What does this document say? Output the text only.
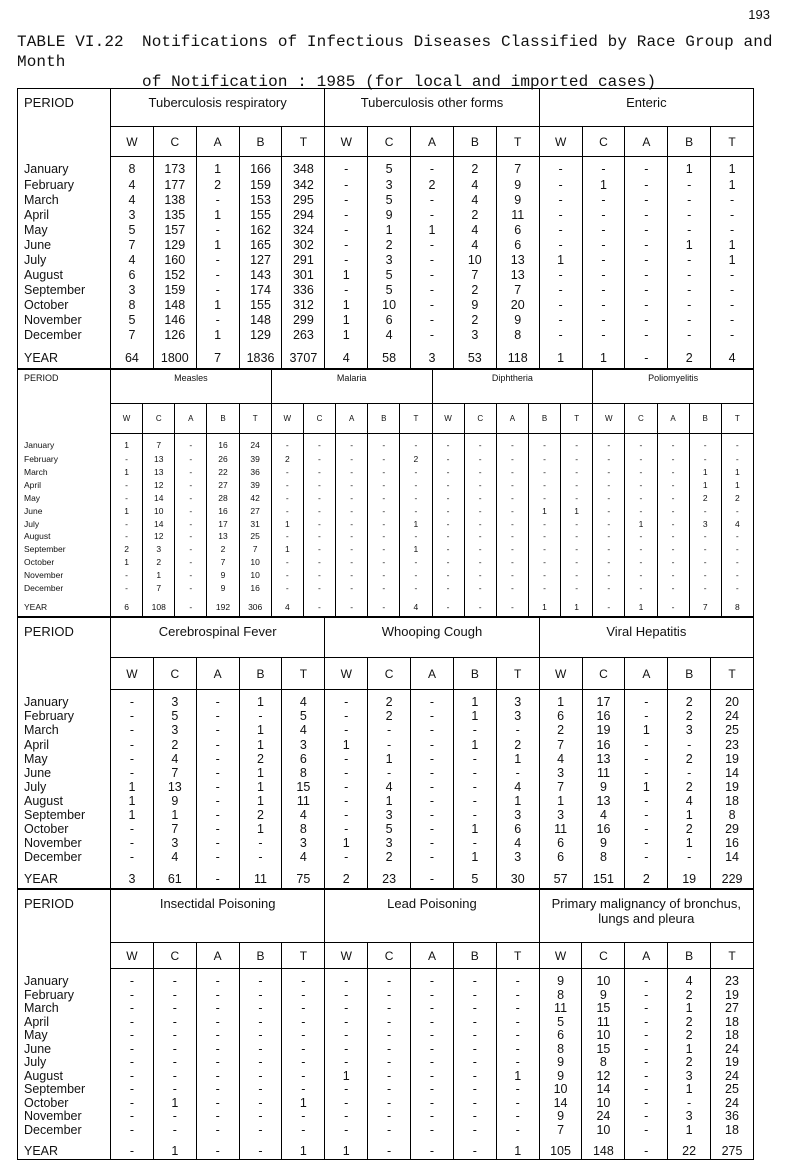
193
TABLE VI.22 Notifications of Infectious Diseases Classified by Race Group and Month
of Notification : 1985 (for local and imported cases)
PERIOD	Tuberculosis respiratory					Tuberculosis other forms					Enteric				
	W	C	A	B	T	W	C	A	B	T	W	C	A	B	T
January	8	173	1	166	348	-	5	-	2	7	-	-	-	1	1
February	4	177	2	159	342	-	3	2	4	9	-	1	-	-	1
March	4	138	-	153	295	-	5	-	4	9	-	-	-	-	-
April	3	135	1	155	294	-	9	-	2	11	-	-	-	-	-
May	5	157	-	162	324	-	1	1	4	6	-	-	-	-	-
June	7	129	1	165	302	-	2	-	4	6	-	-	-	1	1
July	4	160	-	127	291	-	3	-	10	13	1	-	-	-	1
August	6	152	-	143	301	1	5	-	7	13	-	-	-	-	-
September	3	159	-	174	336	-	5	-	2	7	-	-	-	-	-
October	8	148	1	155	312	1	10	-	9	20	-	-	-	-	-
November	5	146	-	148	299	1	6	-	2	9	-	-	-	-	-
December	7	126	1	129	263	1	4	-	3	8	-	-	-	-	-
YEAR	64	1800	7	1836	3707	4	58	3	53	118	1	1	-	2	4
PERIOD	Measles					Malaria					Diphtheria					Poliomyelitis				
	W	C	A	B	T	W	C	A	B	T	W	C	A	B	T	W	C	A	B	T
January	1	7	-	16	24	-	-	-	-	-	-	-	-	-	-	-	-	-	-	-
February	-	13	-	26	39	2	-	-	-	2	-	-	-	-	-	-	-	-	-	-
March	1	13	-	22	36	-	-	-	-	-	-	-	-	-	-	-	-	-	1	1
April	-	12	-	27	39	-	-	-	-	-	-	-	-	-	-	-	-	-	1	1
May	-	14	-	28	42	-	-	-	-	-	-	-	-	-	-	-	-	-	2	2
June	1	10	-	16	27	-	-	-	-	-	-	-	-	1	1	-	-	-	-	-
July	-	14	-	17	31	1	-	-	-	1	-	-	-	-	-	-	1	-	3	4
August	-	12	-	13	25	-	-	-	-	-	-	-	-	-	-	-	-	-	-	-
September	2	3	-	2	7	1	-	-	-	1	-	-	-	-	-	-	-	-	-	-
October	1	2	-	7	10	-	-	-	-	-	-	-	-	-	-	-	-	-	-	-
November	-	1	-	9	10	-	-	-	-	-	-	-	-	-	-	-	-	-	-	-
December	-	7	-	9	16	-	-	-	-	-	-	-	-	-	-	-	-	-	-	-
YEAR	6	108	-	192	306	4	-	-	-	4	-	-	-	1	1	-	1	-	7	8
PERIOD	Cerebrospinal Fever					Whooping Cough					Viral Hepatitis				
	W	C	A	B	T	W	C	A	B	T	W	C	A	B	T
January	-	3	-	1	4	-	2	-	1	3	1	17	-	2	20
February	-	5	-	-	5	-	2	-	1	3	6	16	-	2	24
March	-	3	-	1	4	-	-	-	-	-	2	19	1	3	25
April	-	2	-	1	3	1	-	-	1	2	7	16	-	-	23
May	-	4	-	2	6	-	1	-	-	1	4	13	-	2	19
June	-	7	-	1	8	-	-	-	-	-	3	11	-	-	14
July	1	13	-	1	15	-	4	-	-	4	7	9	1	2	19
August	1	9	-	1	11	-	1	-	-	1	1	13	-	4	18
September	1	1	-	2	4	-	3	-	-	3	3	4	-	1	8
October	-	7	-	1	8	-	5	-	1	6	11	16	-	2	29
November	-	3	-	-	3	1	3	-	-	4	6	9	-	1	16
December	-	4	-	-	4	-	2	-	1	3	6	8	-	-	14
YEAR	3	61	-	11	75	2	23	-	5	30	57	151	2	19	229
PERIOD	Insectidal Poisoning					Lead Poisoning					Primary malignancy of bronchus, lungs and pleura				
	W	C	A	B	T	W	C	A	B	T	W	C	A	B	T
January	-	-	-	-	-	-	-	-	-	-	9	10	-	4	23
February	-	-	-	-	-	-	-	-	-	-	8	9	-	2	19
March	-	-	-	-	-	-	-	-	-	-	11	15	-	1	27
April	-	-	-	-	-	-	-	-	-	-	5	11	-	2	18
May	-	-	-	-	-	-	-	-	-	-	6	10	-	2	18
June	-	-	-	-	-	-	-	-	-	-	8	15	-	1	24
July	-	-	-	-	-	-	-	-	-	-	9	8	-	2	19
August	-	-	-	-	-	1	-	-	-	1	9	12	-	3	24
September	-	-	-	-	-	-	-	-	-	-	10	14	-	1	25
October	-	1	-	-	1	-	-	-	-	-	14	10	-	-	24
November	-	-	-	-	-	-	-	-	-	-	9	24	-	3	36
December	-	-	-	-	-	-	-	-	-	-	7	10	-	1	18
YEAR	-	1	-	-	1	1	-	-	-	1	105	148	-	22	275
